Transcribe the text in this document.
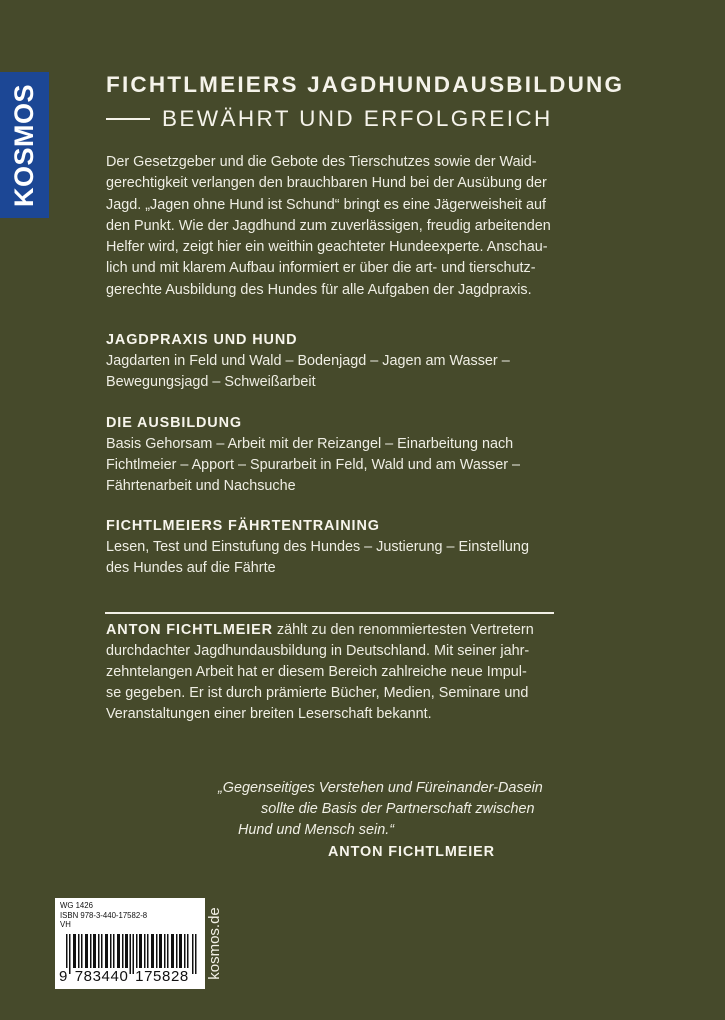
KOSMOS	FICHTLMEIERS JAGDHUNDAUSBILDUNG
BEWÄHRT UND ERFOLGREICH

Der Gesetzgeber und die Gebote des Tierschutzes sowie der Waid-

gerechtigkeit verlangen den brauchbaren Hund bei der Ausübung der

Jagd. „Jagen ohne Hund ist Schund“ bringt es eine Jägerweisheit auf

den Punkt. Wie der Jagdhund zum zuverlässigen, freudig arbeitenden

Helfer wird, zeigt hier ein weithin geachteter Hundeexperte. Anschau-

lich und mit klarem Aufbau informiert er über die art- und tierschutz-

gerechte Ausbildung des Hundes für alle Aufgaben der Jagdpraxis.

JAGDPRAXIS UND HUND
Jagdarten in Feld und Wald – Bodenjagd – Jagen am Wasser –
Bewegungsjagd – Schweißarbeit
DIE AUSBILDUNG
Basis Gehorsam – Arbeit mit der Reizangel – Einarbeitung nach
Fichtlmeier – Apport – Spurarbeit in Feld, Wald und am Wasser –
Fährtenarbeit und Nachsuche
FICHTLMEIERS FÄHRTENTRAINING
Lesen, Test und Einstufung des Hundes – Justierung – Einstellung
des Hundes auf die Fährte
ANTON FICHTLMEIER zählt zu den renommiertesten Vertretern
durchdachter Jagdhundausbildung in Deutschland. Mit seiner jahr-
zehntelangen Arbeit hat er diesem Bereich zahlreiche neue Impul-
se gegeben. Er ist durch prämierte Bücher, Medien, Seminare und
Veranstaltungen einer breiten Leserschaft bekannt.
„Gegenseitiges Verstehen und Füreinander-Dasein
sollte die Basis der Partnerschaft zwischen
Hund und Mensch sein.“
ANTON FICHTLMEIER
WG 1426
ISBN 978-3-440-17582-8
VH
9 783440 175828 kosmos.de
